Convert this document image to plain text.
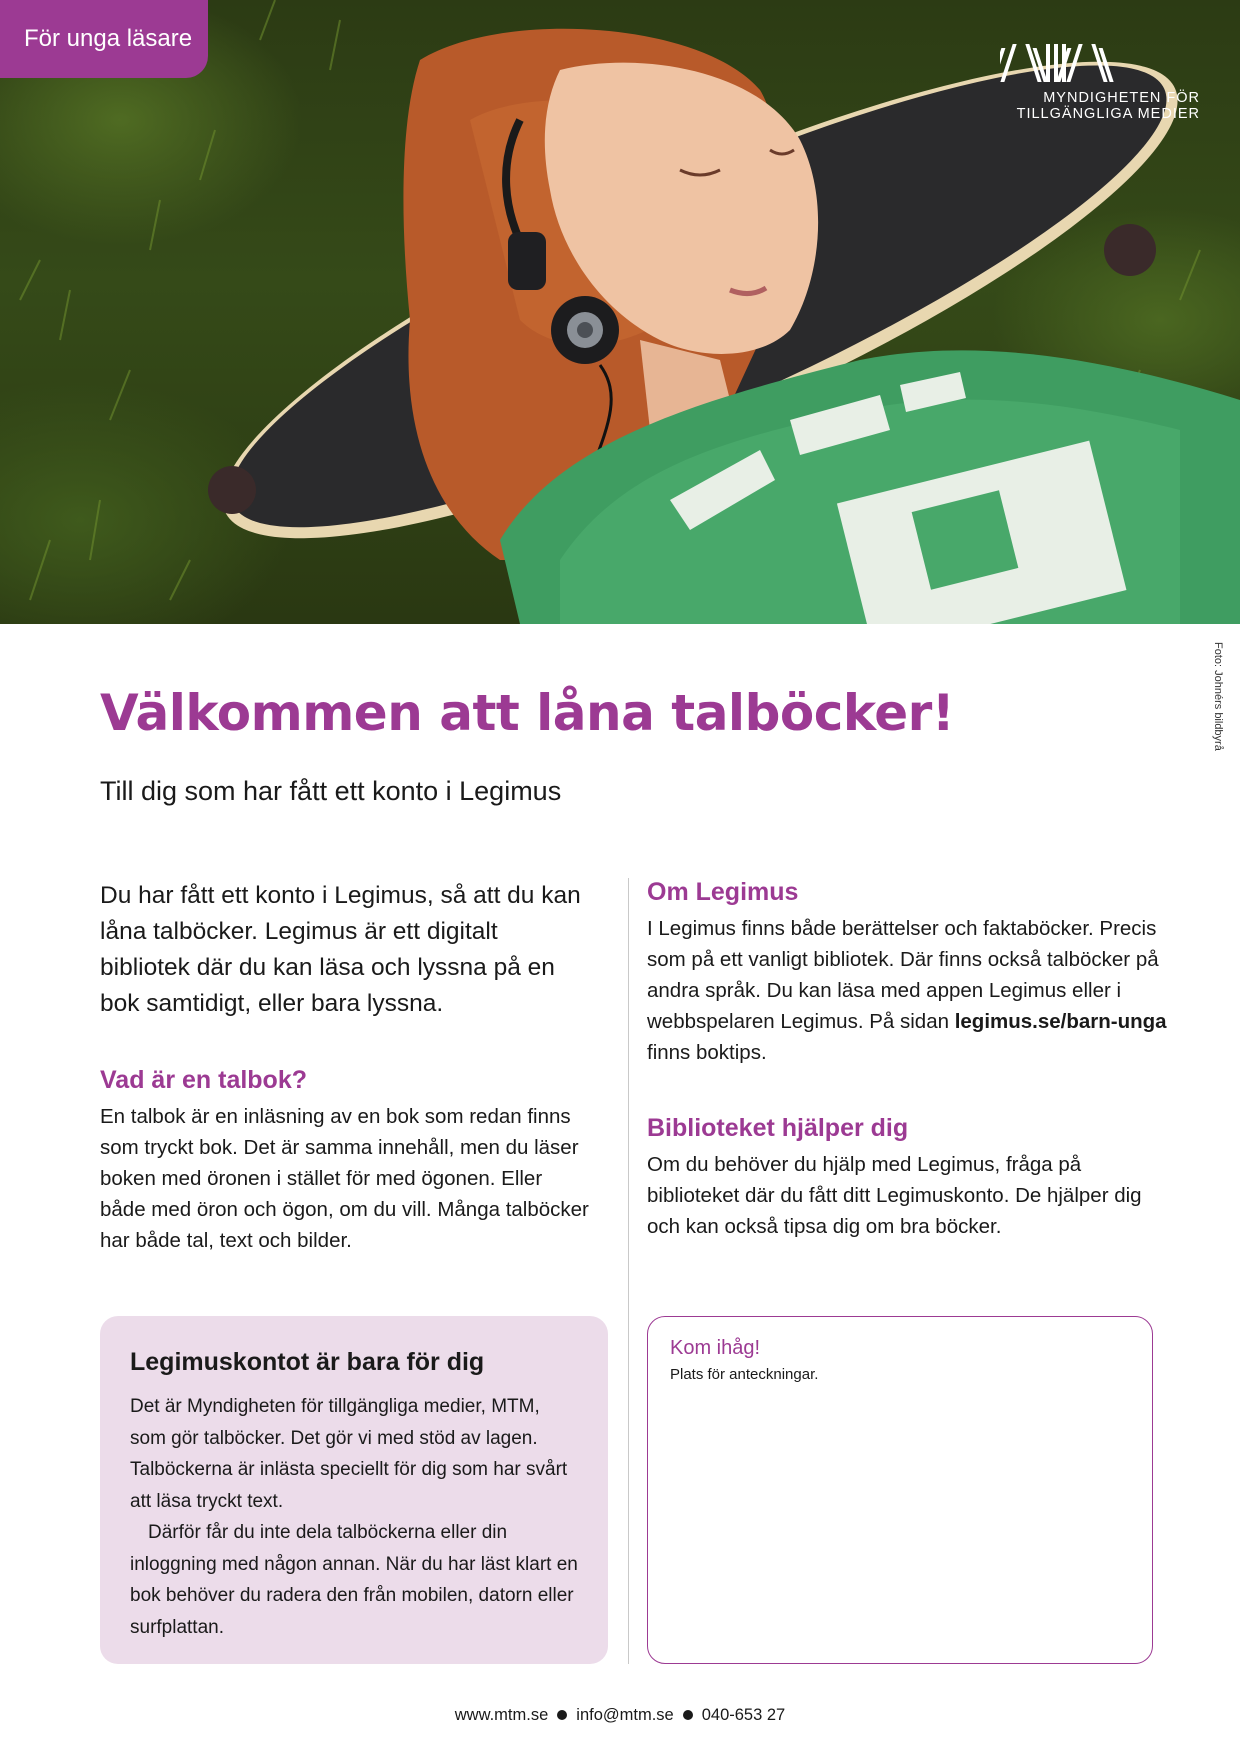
För unga läsare
MYNDIGHETEN FÖR
TILLGÄNGLIGA MEDIER
Foto: Johnérs bildbyrå
Välkommen att låna talböcker!
Till dig som har fått ett konto i Legimus

Du har fått ett konto i Legimus, så att du kan låna talböcker. Legimus är ett digitalt bibliotek där du kan läsa och lyssna på en bok samtidigt, eller bara lyssna.

Vad är en talbok?

En talbok är en inläsning av en bok som redan finns som tryckt bok. Det är samma innehåll, men du läser boken med öronen i stället för med ögonen. Eller både med öron och ögon, om du vill. Många talböcker har både tal, text och bilder.

Om Legimus

I Legimus finns både berättelser och faktaböcker. Precis som på ett vanligt bibliotek. Där finns också talböcker på andra språk. Du kan läsa med appen Legimus eller i webbspelaren Legimus. På sidan legimus.se/barn-unga finns boktips.

Biblioteket hjälper dig

Om du behöver du hjälp med Legimus, fråga på biblioteket där du fått ditt Legimuskonto. De hjälper dig och kan också tipsa dig om bra böcker.

Legimuskontot är bara för dig

Det är Myndigheten för tillgängliga medier, MTM, som gör talböcker. Det gör vi med stöd av lagen. Talböckerna är inlästa speciellt för dig som har svårt att läsa tryckt text.

Därför får du inte dela talböckerna eller din inloggning med någon annan. När du har läst klart en bok behöver du radera den från mobilen, datorn eller surfplattan.

Kom ihåg!
Plats för anteckningar.
www.mtm.se info@mtm.se 040-653 27
